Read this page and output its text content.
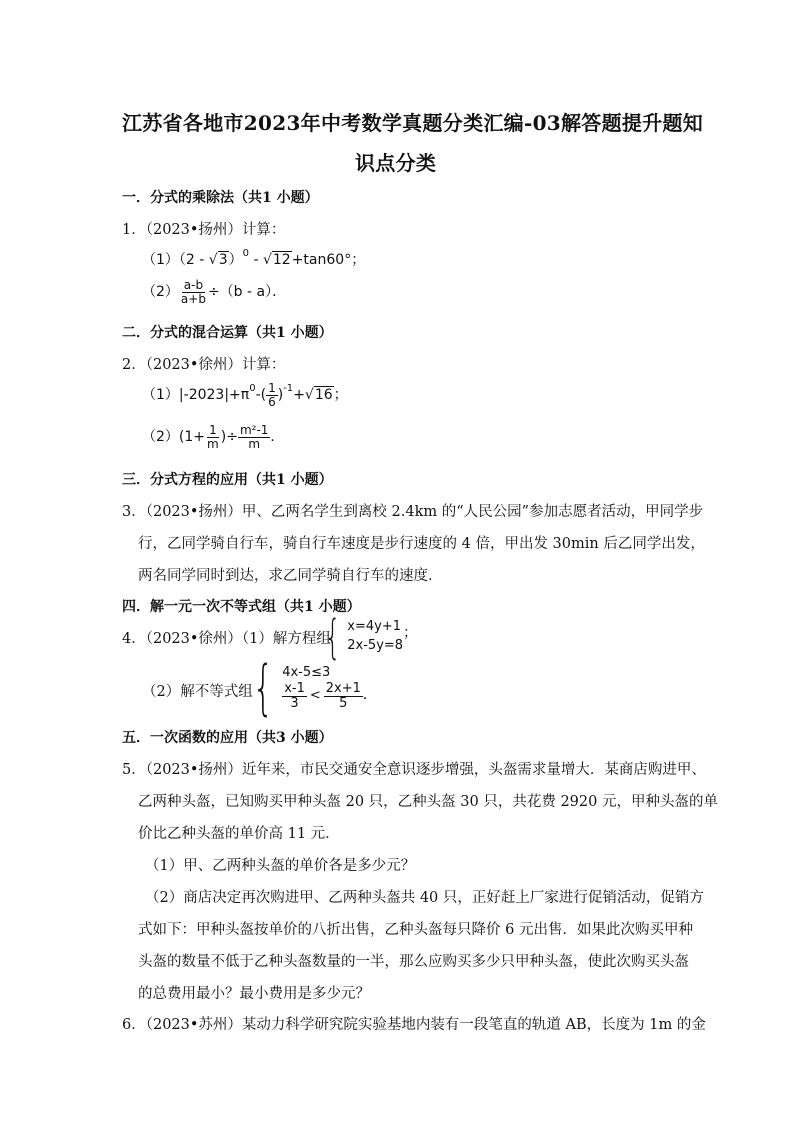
江苏省各地市2023年中考数学真题分类汇编-03解答题提升题知
识点分类
一．分式的乘除法（共1 小题）
1．（2023•扬州）计算：
（1）（2 - √3）$^0$ - √12+tan60°；
$(2) \frac{a-b}{a+b} \div(b - a)$．
二．分式的混合运算（共1 小题）
2．（2023•徐州）计算：
$(1)|-2023|+\pi^0-( \frac{1}{6} )^{-1}+√16$；
$(2)(1+ \frac{1}{m}$ )÷ $\frac{\text{m²-1}}{m}$ ．
三．分式方程的应用（共1 小题）
3．（2023•扬州）甲、乙两名学生到离校 2.4km 的“人民公园”参加志愿者活动，甲同学步
行，乙同学骑自行车，骑自行车速度是步行速度的 4 倍，甲出发 30min 后乙同学出发，
两名同学同时到达，求乙同学骑自行车的速度．
四．解一元一次不等式组（共1 小题）
4．（2023•徐州）（1）解方程组
{ x=4y+1
2x-5y=8
；
（2）解不等式组 { 4x-5≤3
$\frac{x-1}{3} < \frac{2x+1}{5}$ ．
五．一次函数的应用（共3 小题）
5．（2023•扬州）近年来，市民交通安全意识逐步增强，头盔需求量增大．某商店购进甲、
乙两种头盔，已知购买甲种头盔 20 只，乙种头盔 30 只，共花费 2920 元，甲种头盔的单
价比乙种头盔的单价高 11 元．
（1）甲、乙两种头盔的单价各是多少元？
（2）商店决定再次购进甲、乙两种头盔共 40 只，正好赶上厂家进行促销活动，促销方
式如下：甲种头盔按单价的八折出售，乙种头盔每只降价 6 元出售．如果此次购买甲种
头盔的数量不低于乙种头盔数量的一半，那么应购买多少只甲种头盔，使此次购买头盔
的总费用最小？最小费用是多少元？
6．（2023•苏州）某动力科学研究院实验基地内装有一段笔直的轨道 AB，长度为 1m 的金
